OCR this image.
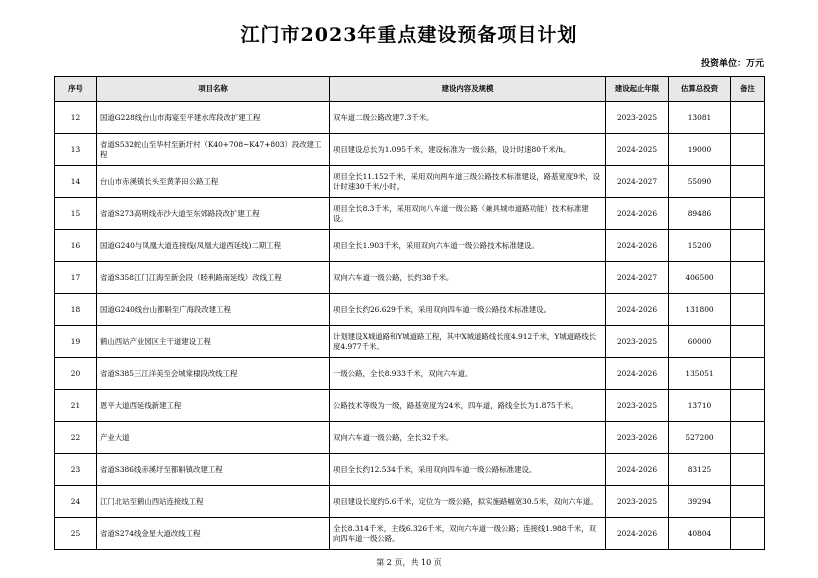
江门市2023年重点建设预备项目计划
投资单位：万元
序号	项目名称	建设内容及规模	建设起止年限	估算总投资	备注
12	国道G228线台山市海宴至平建水库段改扩建工程	双车道二级公路改建7.3千米。	2023-2025	13081	
13	省道S532蛇山至华村至新圩村（K40+708~K47+803）段改建工程	项目建设总长为1.095千米，建设标准为一级公路，设计时速80千米/h。	2024-2025	19000	
14	台山市赤溪镇长头至黄茅田公路工程	项目全长11.152千米，采用双向两车道三级公路技术标准建设，路基宽度9米，设计时速30千米/小时。	2024-2027	55090	
15	省道S273高明线赤沙大道至东郊路段改扩建工程	项目全长8.3千米，采用双向八车道一级公路（兼具城市道路功能）技术标准建设。	2024-2026	89486	
16	国道G240与凤凰大道连接线(凤凰大道西延线)二期工程	项目全长1.903千米，采用双向六车道一级公路技术标准建设。	2024-2026	15200	
17	省道S358江门江海至新会段（睦利路南延线）改线工程	双向六车道一级公路，长约38千米。	2024-2027	406500	
18	国道G240线台山都斛至广海段改建工程	项目全长约26.629千米，采用双向四车道一级公路技术标准建设。	2024-2026	131800	
19	鹤山西站产业园区主干道建设工程	计划建设X城道路和Y城道路工程，其中X城道路线长度4.912千米，Y城道路线长度4.977千米。	2023-2025	60000	
20	省道S385三江洋美至会城棠棣段改线工程	一级公路，全长8.933千米，双向六车道。	2024-2026	135051	
21	恩平大道西延线新建工程	公路技术等级为一级，路基宽度为24米，四车道，路线全长为1.875千米。	2023-2025	13710	
22	产业大道	双向六车道一级公路，全长32千米。	2023-2026	527200	
23	省道S386线赤溪圩至都斛镇改建工程	项目全长约12.534千米，采用双向四车道一级公路标准建设。	2024-2026	83125	
24	江门北站至鹤山西站连接线工程	项目建设长度约5.6千米，定位为一级公路，拟实施路幅宽30.5米，双向六车道。	2023-2025	39294	
25	省道S274线金星大道改线工程	全长8.314千米，主线6.326千米，双向六车道一级公路；连接线1.988千米，双向四车道一级公路。	2024-2026	40804	
第 2 页，共 10 页
